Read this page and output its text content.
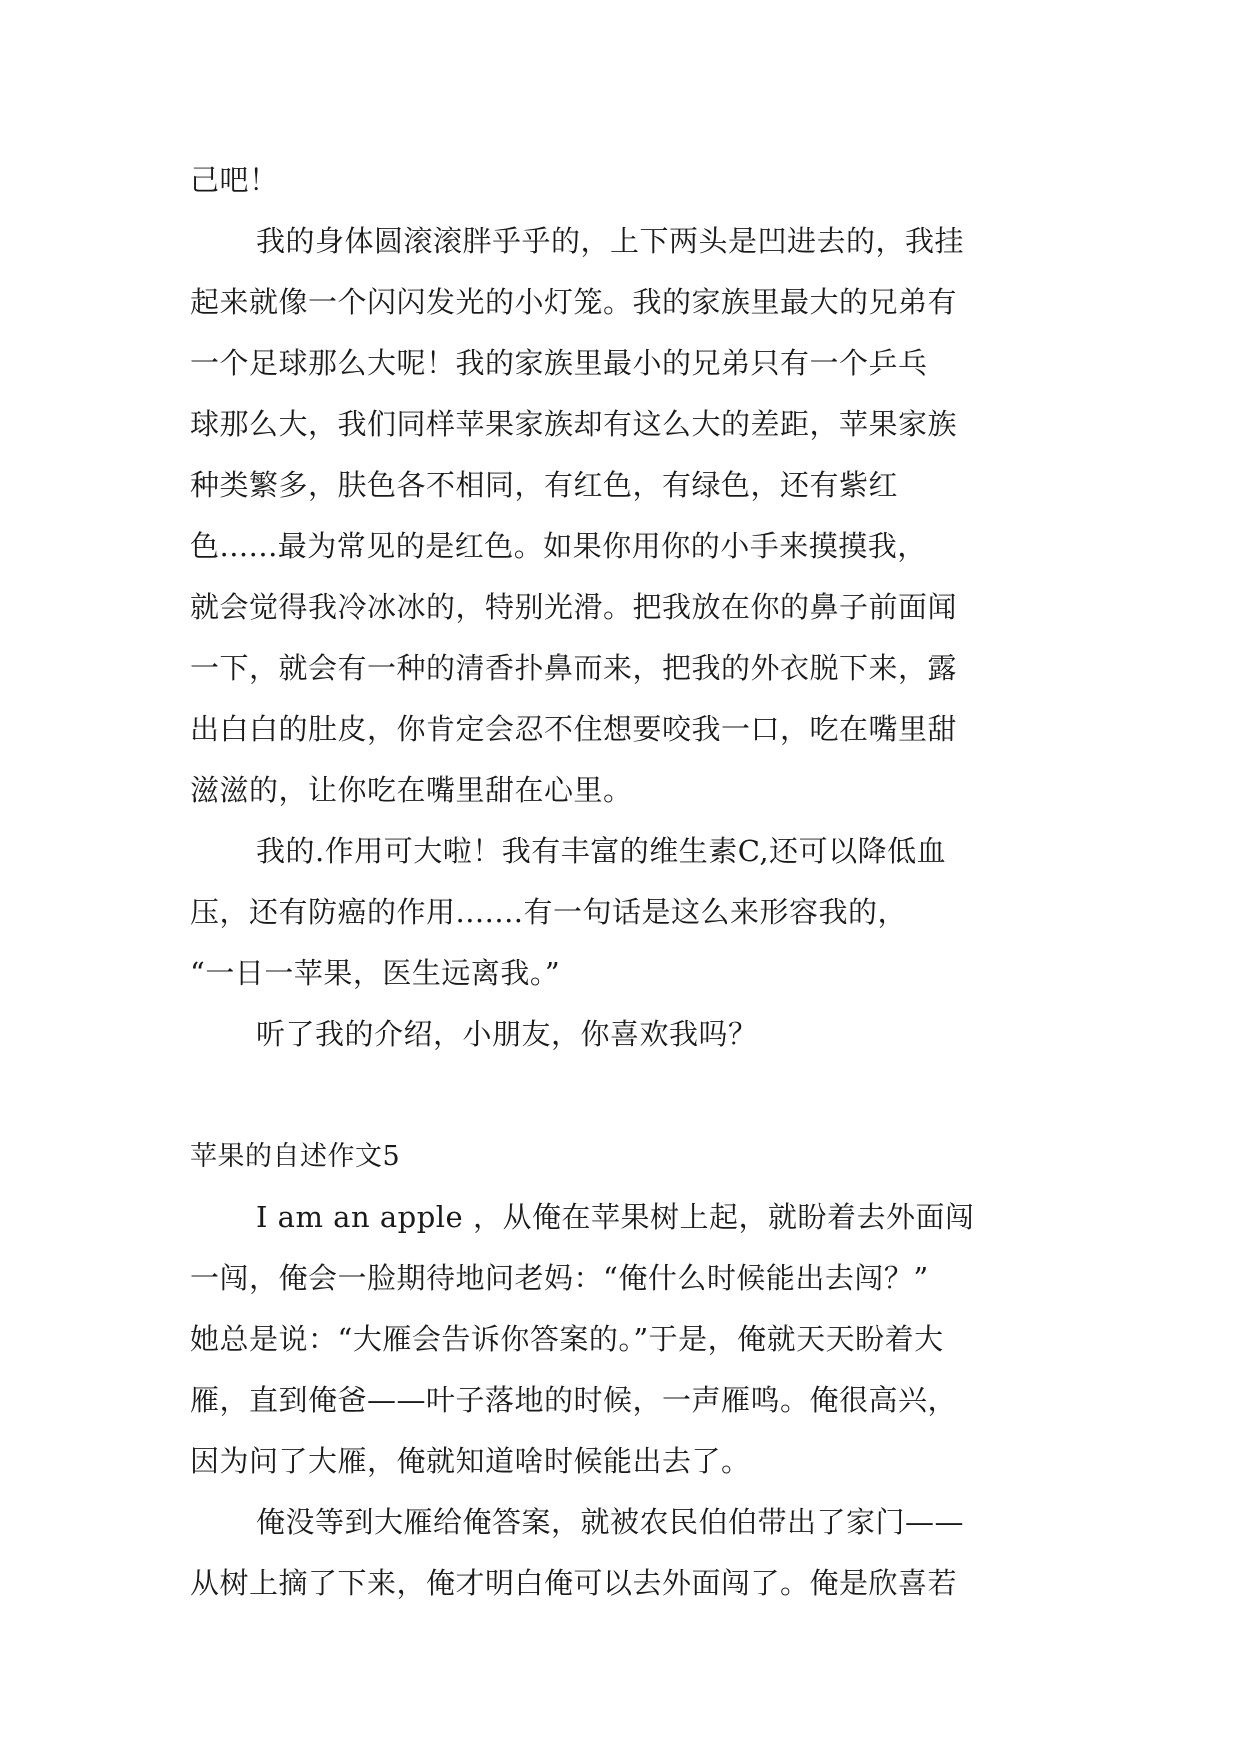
己吧！
我的身体圆滚滚胖乎乎的，上下两头是凹进去的，我挂
起来就像一个闪闪发光的小灯笼。我的家族里最大的兄弟有
一个足球那么大呢！我的家族里最小的兄弟只有一个乒乓
球那么大，我们同样苹果家族却有这么大的差距，苹果家族
种类繁多，肤色各不相同，有红色，有绿色，还有紫红
色......最为常见的是红色。如果你用你的小手来摸摸我，
就会觉得我冷冰冰的，特别光滑。把我放在你的鼻子前面闻
一下，就会有一种的清香扑鼻而来，把我的外衣脱下来，露
出白白的肚皮，你肯定会忍不住想要咬我一口，吃在嘴里甜
滋滋的，让你吃在嘴里甜在心里。
我的.作用可大啦！我有丰富的维生素C,还可以降低血
压，还有防癌的作用.......有一句话是这么来形容我的，
“一日一苹果，医生远离我。”
听了我的介绍，小朋友，你喜欢我吗？
苹果的自述作文5
I am an apple ，从俺在苹果树上起，就盼着去外面闯
一闯，俺会一脸期待地问老妈：“俺什么时候能出去闯？”
她总是说：“大雁会告诉你答案的。”于是，俺就天天盼着大
雁，直到俺爸——叶子落地的时候，一声雁鸣。俺很高兴，
因为问了大雁，俺就知道啥时候能出去了。
俺没等到大雁给俺答案，就被农民伯伯带出了家门——
从树上摘了下来，俺才明白俺可以去外面闯了。俺是欣喜若
